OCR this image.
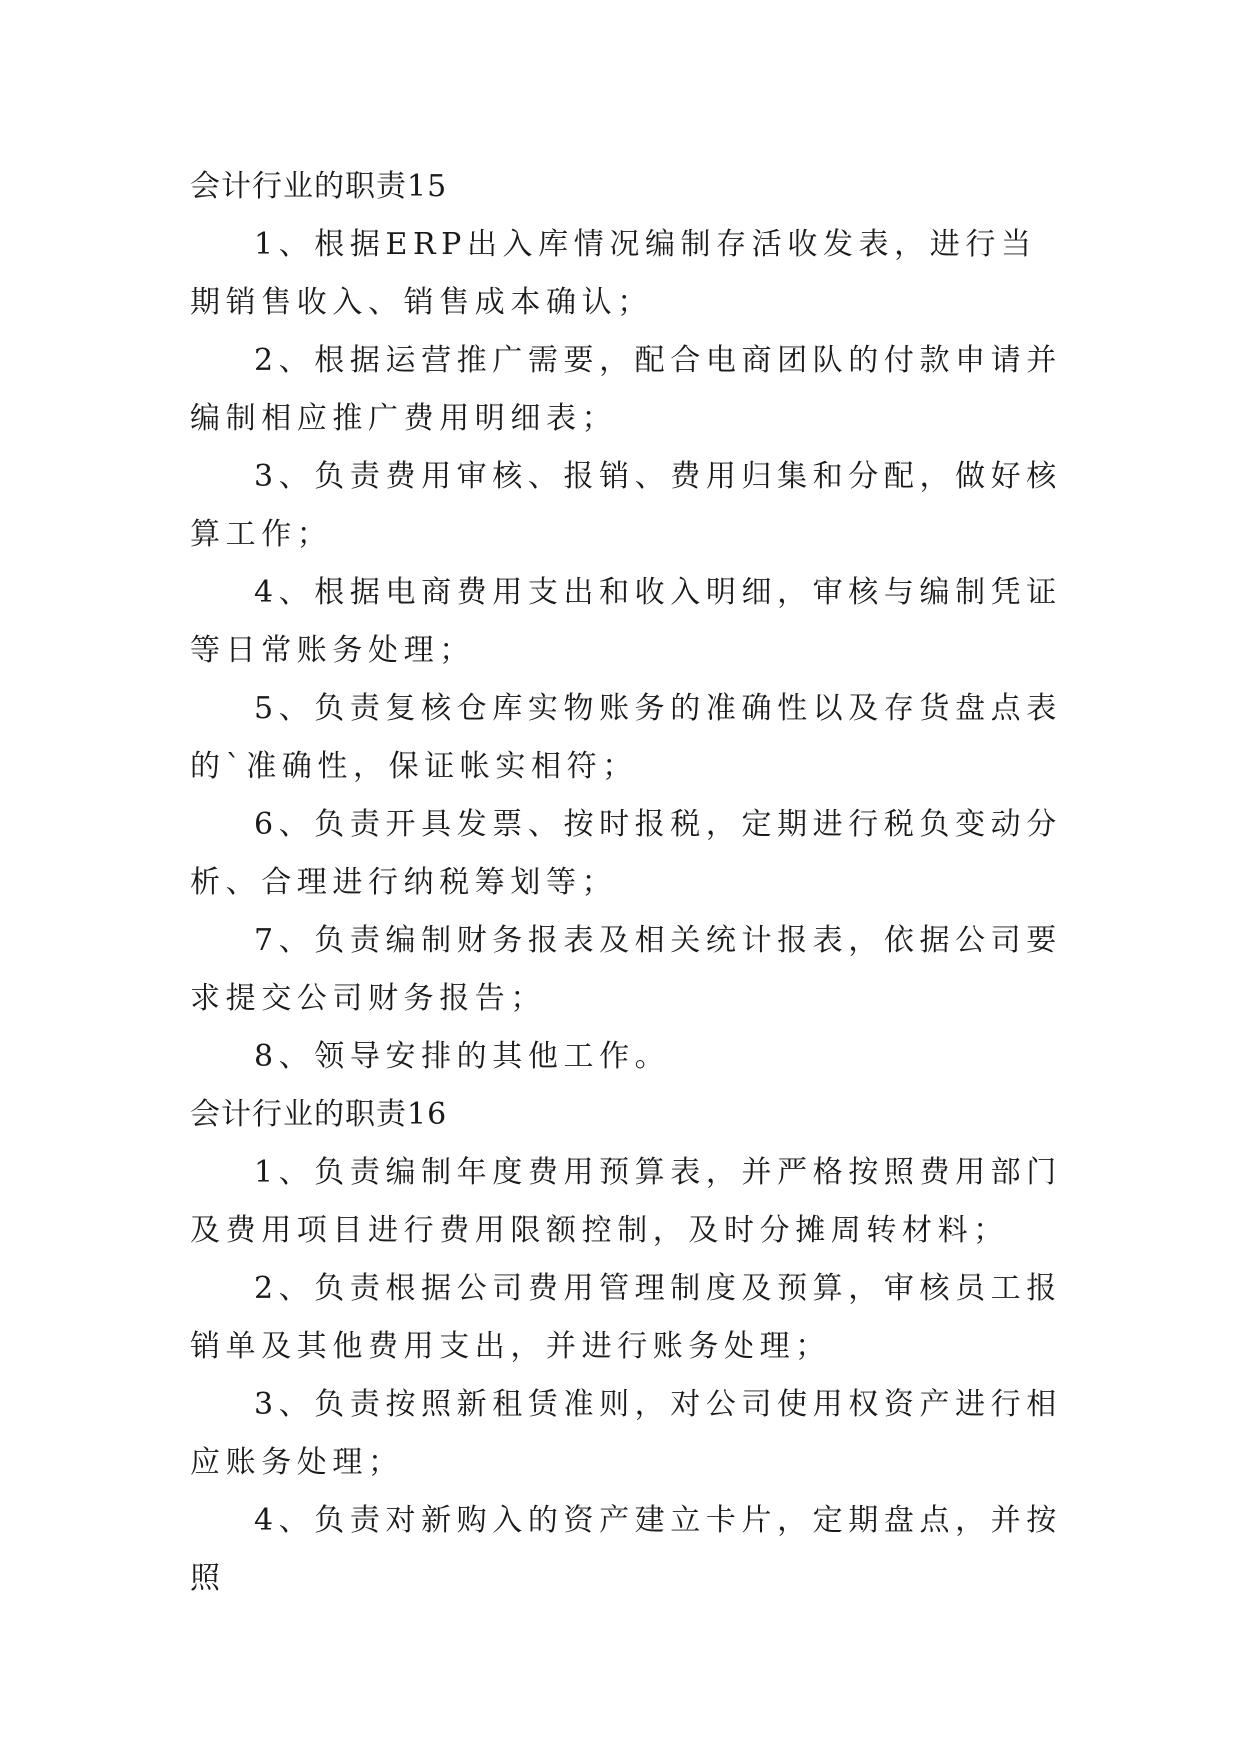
会计行业的职责15

1、根据ERP出入库情况编制存活收发表，进行当期销售收入、销售成本确认；

2、根据运营推广需要，配合电商团队的付款申请并编制相应推广费用明细表；

3、负责费用审核、报销、费用归集和分配，做好核算工作；

4、根据电商费用支出和收入明细，审核与编制凭证等日常账务处理；

5、负责复核仓库实物账务的准确性以及存货盘点表的`准确性，保证帐实相符；

6、负责开具发票、按时报税，定期进行税负变动分析、合理进行纳税筹划等；

7、负责编制财务报表及相关统计报表，依据公司要求提交公司财务报告；

8、领导安排的其他工作。

会计行业的职责16

1、负责编制年度费用预算表，并严格按照费用部门及费用项目进行费用限额控制，及时分摊周转材料；

2、负责根据公司费用管理制度及预算，审核员工报销单及其他费用支出，并进行账务处理；

3、负责按照新租赁准则，对公司使用权资产进行相应账务处理；

4、负责对新购入的资产建立卡片，定期盘点，并按照
